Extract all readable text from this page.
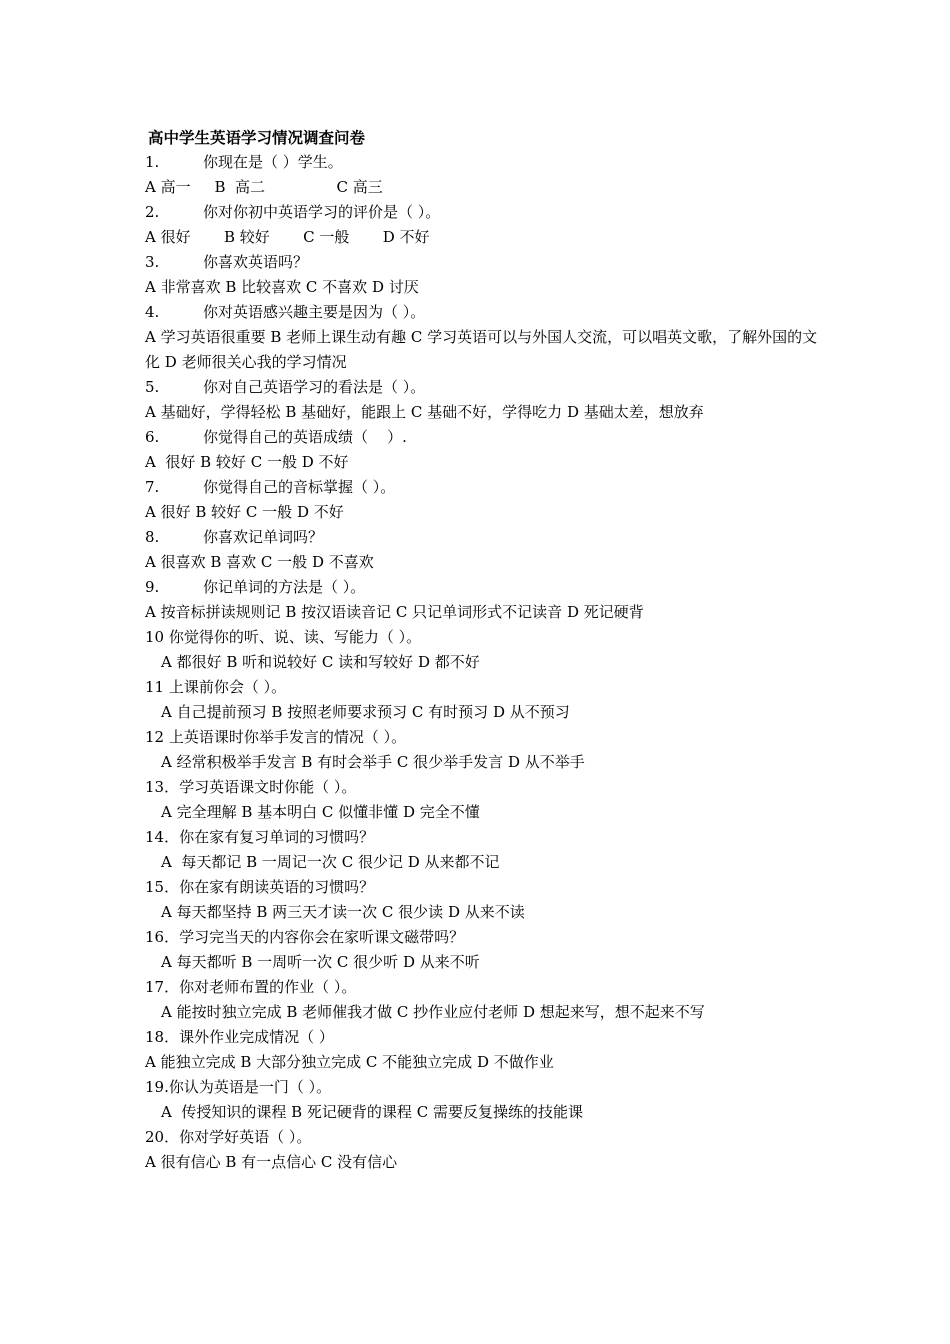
高中学生英语学习情况调查问卷
1.	你现在是（ ）学生。
A 高一     B  高二               C 高三
2.	你对你初中英语学习的评价是（ ）。
A 很好       B 较好       C 一般       D 不好
3.	你喜欢英语吗？
A 非常喜欢 B 比较喜欢 C 不喜欢 D 讨厌
4.	你对英语感兴趣主要是因为（ ）。
A 学习英语很重要 B 老师上课生动有趣 C 学习英语可以与外国人交流，可以唱英文歌，了解外国的文化 D 老师很关心我的学习情况
5.	你对自己英语学习的看法是（ ）。
A 基础好，学得轻松 B 基础好，能跟上 C 基础不好，学得吃力 D 基础太差，想放弃
6.	你觉得自己的英语成绩（    ）.
A  很好 B 较好 C 一般 D 不好
7.	你觉得自己的音标掌握（ ）。
A 很好 B 较好 C 一般 D 不好
8.	你喜欢记单词吗？
A 很喜欢 B 喜欢 C 一般 D 不喜欢
9.	你记单词的方法是（ ）。
A 按音标拼读规则记 B 按汉语读音记 C 只记单词形式不记读音 D 死记硬背
10 你觉得你的听、说、读、写能力（ ）。
A 都很好 B 听和说较好 C 读和写较好 D 都不好
11 上课前你会（ ）。
A 自己提前预习 B 按照老师要求预习 C 有时预习 D 从不预习
12 上英语课时你举手发言的情况（ ）。
A 经常积极举手发言 B 有时会举手 C 很少举手发言 D 从不举手
13．学习英语课文时你能（ ）。
A 完全理解 B 基本明白 C 似懂非懂 D 完全不懂
14．你在家有复习单词的习惯吗？
A  每天都记 B 一周记一次 C 很少记 D 从来都不记
15．你在家有朗读英语的习惯吗？
A 每天都坚持 B 两三天才读一次 C 很少读 D 从来不读
16．学习完当天的内容你会在家听课文磁带吗？
A 每天都听 B 一周听一次 C 很少听 D 从来不听
17．你对老师布置的作业（ ）。
A 能按时独立完成 B 老师催我才做 C 抄作业应付老师 D 想起来写，想不起来不写
18．课外作业完成情况（ ）
A 能独立完成 B 大部分独立完成 C 不能独立完成 D 不做作业
19.你认为英语是一门（ ）。
A  传授知识的课程 B 死记硬背的课程 C 需要反复操练的技能课
20．你对学好英语（ ）。
A 很有信心 B 有一点信心 C 没有信心
